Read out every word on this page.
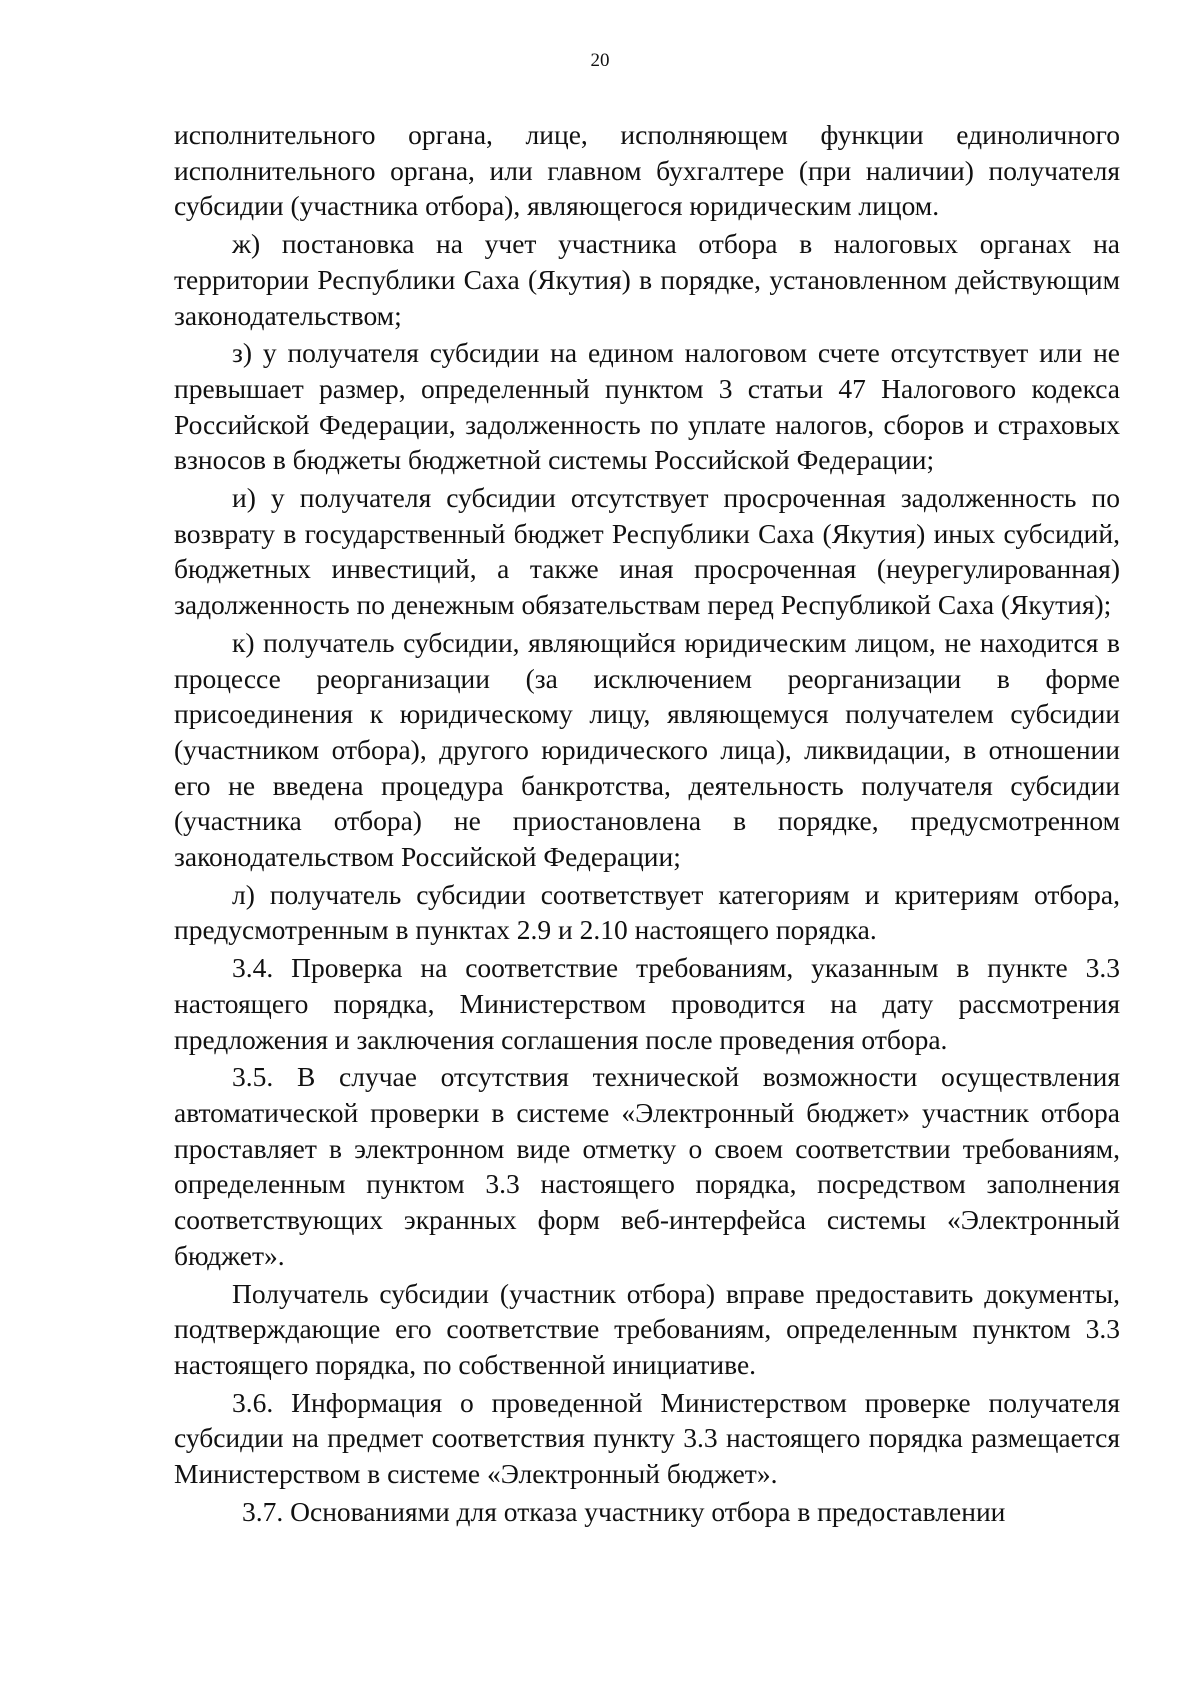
20

исполнительного органа, лице, исполняющем функции единоличного исполнительного органа, или главном бухгалтере (при наличии) получателя субсидии (участника отбора), являющегося юридическим лицом.

ж) постановка на учет участника отбора в налоговых органах на территории Республики Саха (Якутия) в порядке, установленном действующим законодательством;

з) у получателя субсидии на едином налоговом счете отсутствует или не превышает размер, определенный пунктом 3 статьи 47 Налогового кодекса Российской Федерации, задолженность по уплате налогов, сборов и страховых взносов в бюджеты бюджетной системы Российской Федерации;

и) у получателя субсидии отсутствует просроченная задолженность по возврату в государственный бюджет Республики Саха (Якутия) иных субсидий, бюджетных инвестиций, а также иная просроченная (неурегулированная) задолженность по денежным обязательствам перед Республикой Саха (Якутия);

к) получатель субсидии, являющийся юридическим лицом, не находится в процессе реорганизации (за исключением реорганизации в форме присоединения к юридическому лицу, являющемуся получателем субсидии (участником отбора), другого юридического лица), ликвидации, в отношении его не введена процедура банкротства, деятельность получателя субсидии (участника отбора) не приостановлена в порядке, предусмотренном законодательством Российской Федерации;

л) получатель субсидии соответствует категориям и критериям отбора, предусмотренным в пунктах 2.9 и 2.10 настоящего порядка.

3.4. Проверка на соответствие требованиям, указанным в пункте 3.3 настоящего порядка, Министерством проводится на дату рассмотрения предложения и заключения соглашения после проведения отбора.

3.5. В случае отсутствия технической возможности осуществления автоматической проверки в системе «Электронный бюджет» участник отбора проставляет в электронном виде отметку о своем соответствии требованиям, определенным пунктом 3.3 настоящего порядка, посредством заполнения соответствующих экранных форм веб-интерфейса системы «Электронный бюджет».

Получатель субсидии (участник отбора) вправе предоставить документы, подтверждающие его соответствие требованиям, определенным пунктом 3.3 настоящего порядка, по собственной инициативе.

3.6. Информация о проведенной Министерством проверке получателя субсидии на предмет соответствия пункту 3.3 настоящего порядка размещается Министерством в системе «Электронный бюджет».

3.7. Основаниями для отказа участнику отбора в предоставлении
